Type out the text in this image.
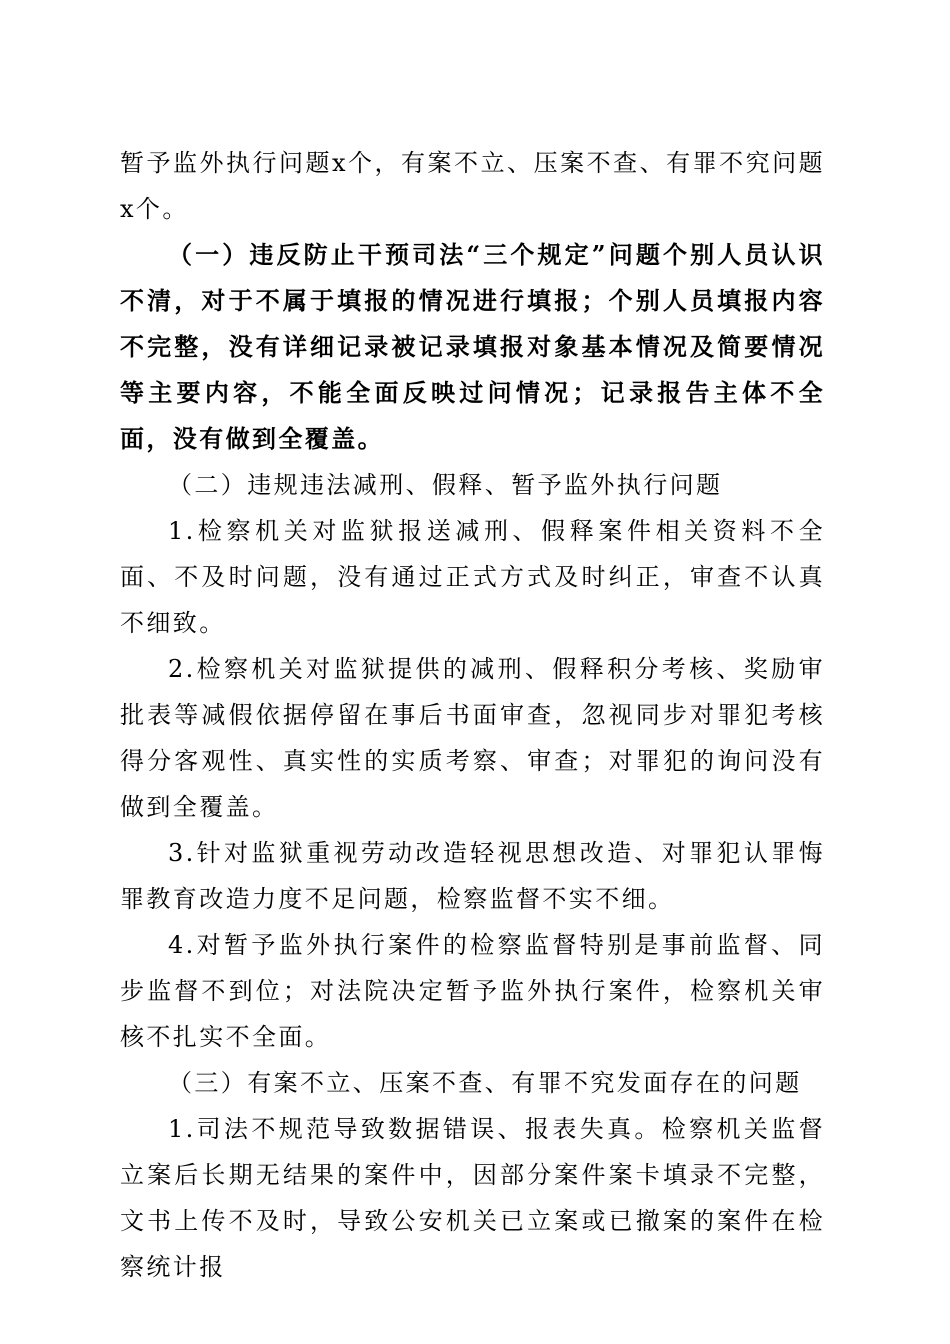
暂予监外执行问题x个，有案不立、压案不查、有罪不究问题x个。

（一）违反防止干预司法“三个规定”问题个别人员认识不清，对于不属于填报的情况进行填报；个别人员填报内容不完整，没有详细记录被记录填报对象基本情况及简要情况等主要内容，不能全面反映过问情况；记录报告主体不全面，没有做到全覆盖。

（二）违规违法减刑、假释、暂予监外执行问题

1.检察机关对监狱报送减刑、假释案件相关资料不全面、不及时问题，没有通过正式方式及时纠正，审查不认真不细致。

2.检察机关对监狱提供的减刑、假释积分考核、奖励审批表等减假依据停留在事后书面审查，忽视同步对罪犯考核得分客观性、真实性的实质考察、审查；对罪犯的询问没有做到全覆盖。

3.针对监狱重视劳动改造轻视思想改造、对罪犯认罪悔罪教育改造力度不足问题，检察监督不实不细。

4.对暂予监外执行案件的检察监督特别是事前监督、同步监督不到位；对法院决定暂予监外执行案件，检察机关审核不扎实不全面。

（三）有案不立、压案不查、有罪不究发面存在的问题

1.司法不规范导致数据错误、报表失真。检察机关监督立案后长期无结果的案件中，因部分案件案卡填录不完整，文书上传不及时，导致公安机关已立案或已撤案的案件在检察统计报
